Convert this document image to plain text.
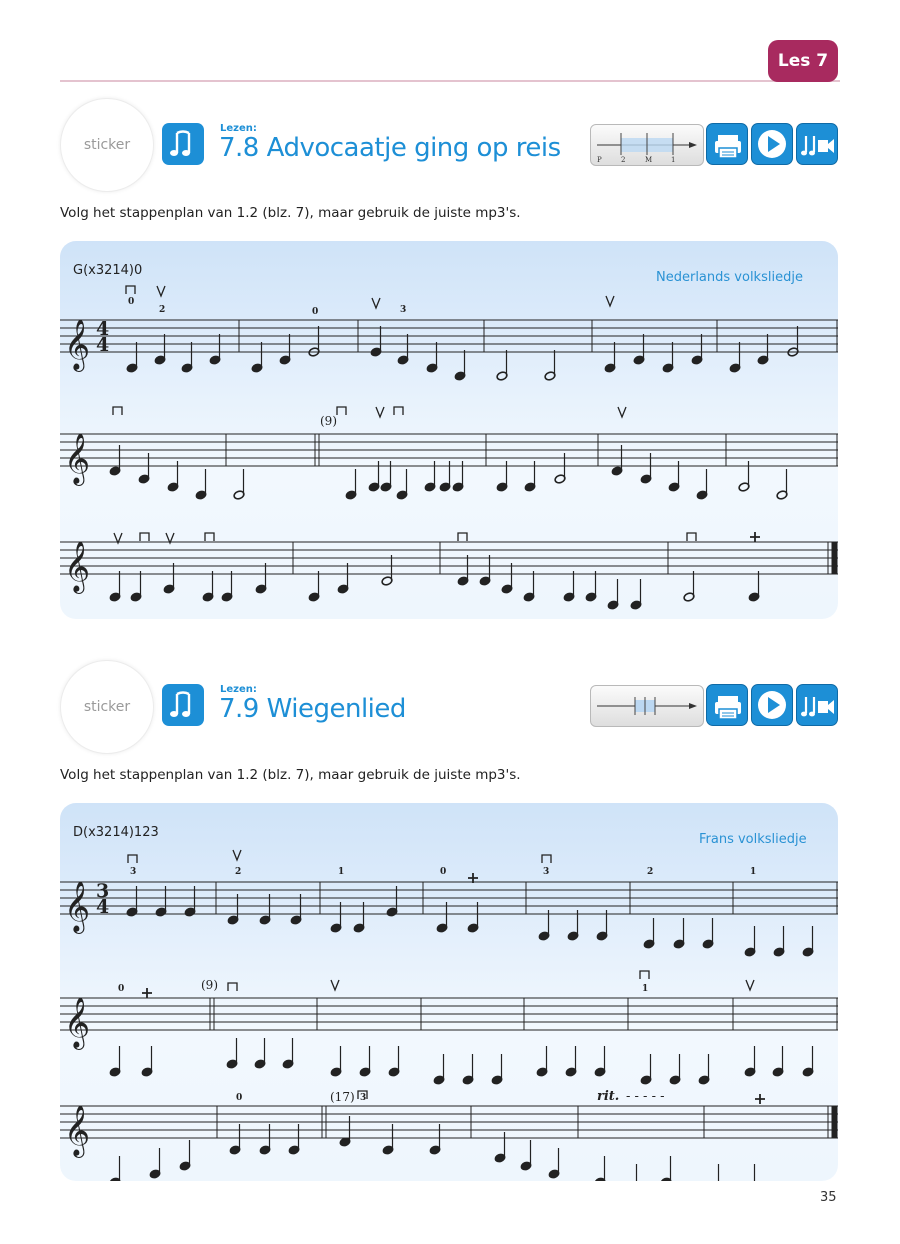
Les 7
sticker
Lezen:
7.8 Advocaatje ging op reis	P	2	M	1
Volg het stappenplan van 1.2 (blz. 7), maar gebruik de juiste mp3's.
G(x3214)0	Nederlands volksliedje
𝄞
𝄞
𝄞
4
4
0
2	0	3
(9)
sticker
Lezen:
7.9 Wiegenlied
Volg het stappenplan van 1.2 (blz. 7), maar gebruik de juiste mp3's.
D(x3214)123	Frans volksliedje
𝄞
𝄞
𝄞
3
4
3	2	1	0	3	2	1
0	1
0	3
(9)
(17)	rit. - - - - -
35
